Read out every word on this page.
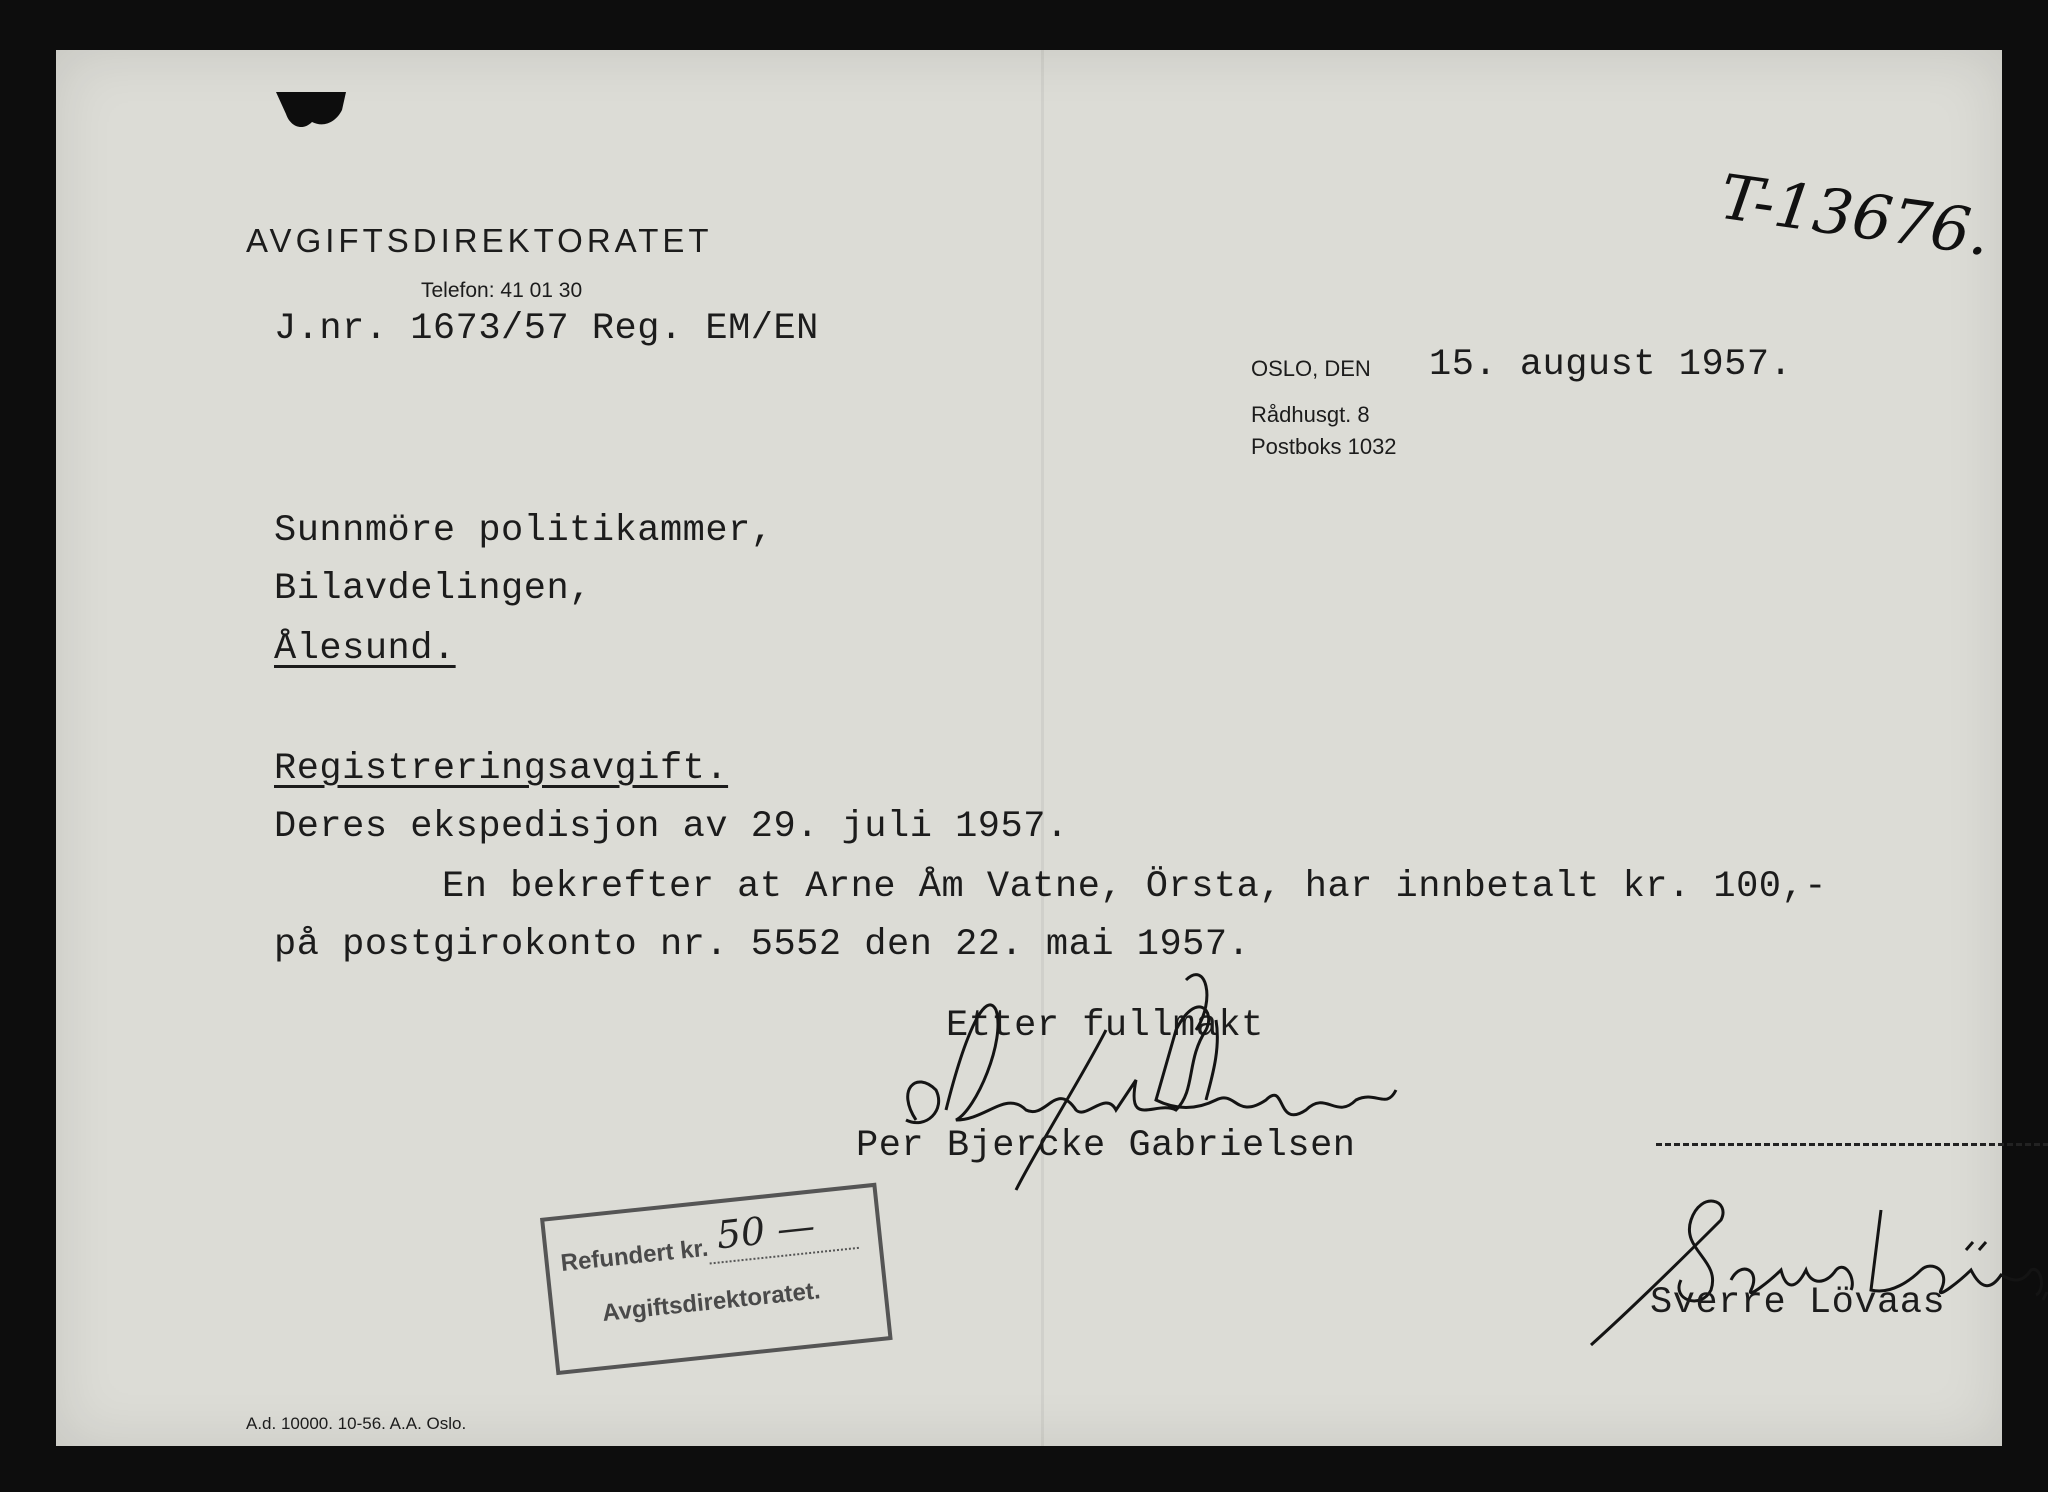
AVGIFTSDIREKTORATET
Telefon: 41 01 30
J.nr. 1673/57 Reg. EM/EN
OSLO, DEN 15. august 1957.
Rådhusgt. 8
Postboks 1032
T-13676.
Sunnmöre politikammer,
Bilavdelingen,
Ålesund.
Registreringsavgift.
Deres ekspedisjon av 29. juli 1957.
En bekrefter at Arne Åm Vatne, Örsta, har innbetalt kr. 100,-
på postgirokonto nr. 5552 den 22. mai 1957.
Etter fullmakt
Per Bjercke Gabrielsen
Sverre Lövaas
Refundert kr. 50 —
Avgiftsdirektoratet.
A.d. 10000. 10-56. A.A. Oslo.
